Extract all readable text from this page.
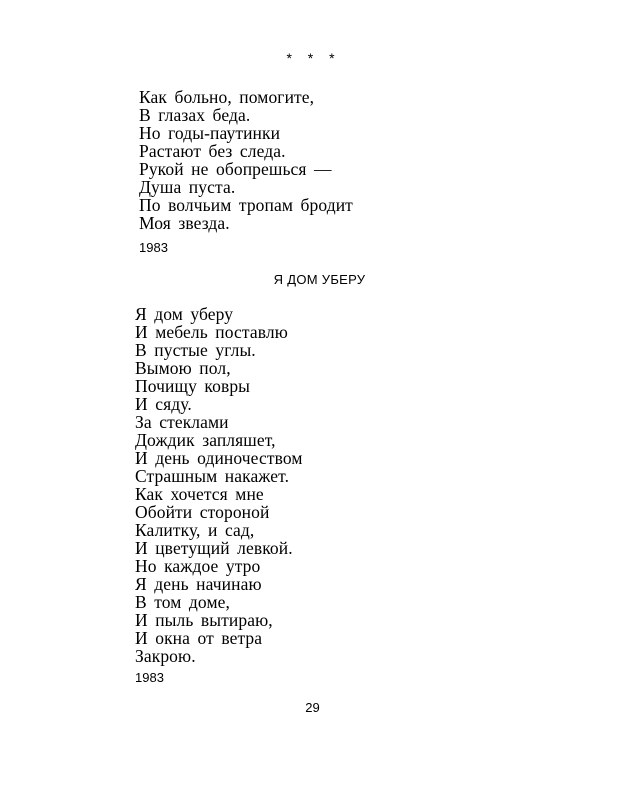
* * *
Как больно, помогите,
В глазах беда.
Но годы-паутинки
Растают без следа.
Рукой не обопрешься —
Душа пуста.
По волчьим тропам бродит
Моя звезда.
1983
Я ДОМ УБЕРУ
Я дом уберу
И мебель поставлю
В пустые углы.
Вымою пол,
Почищу ковры
И сяду.
За стеклами
Дождик запляшет,
И день одиночеством
Страшным накажет.
Как хочется мне
Обойти стороной
Калитку, и сад,
И цветущий левкой.
Но каждое утро
Я день начинаю
В том доме,
И пыль вытираю,
И окна от ветра
Закрою.
1983
29
